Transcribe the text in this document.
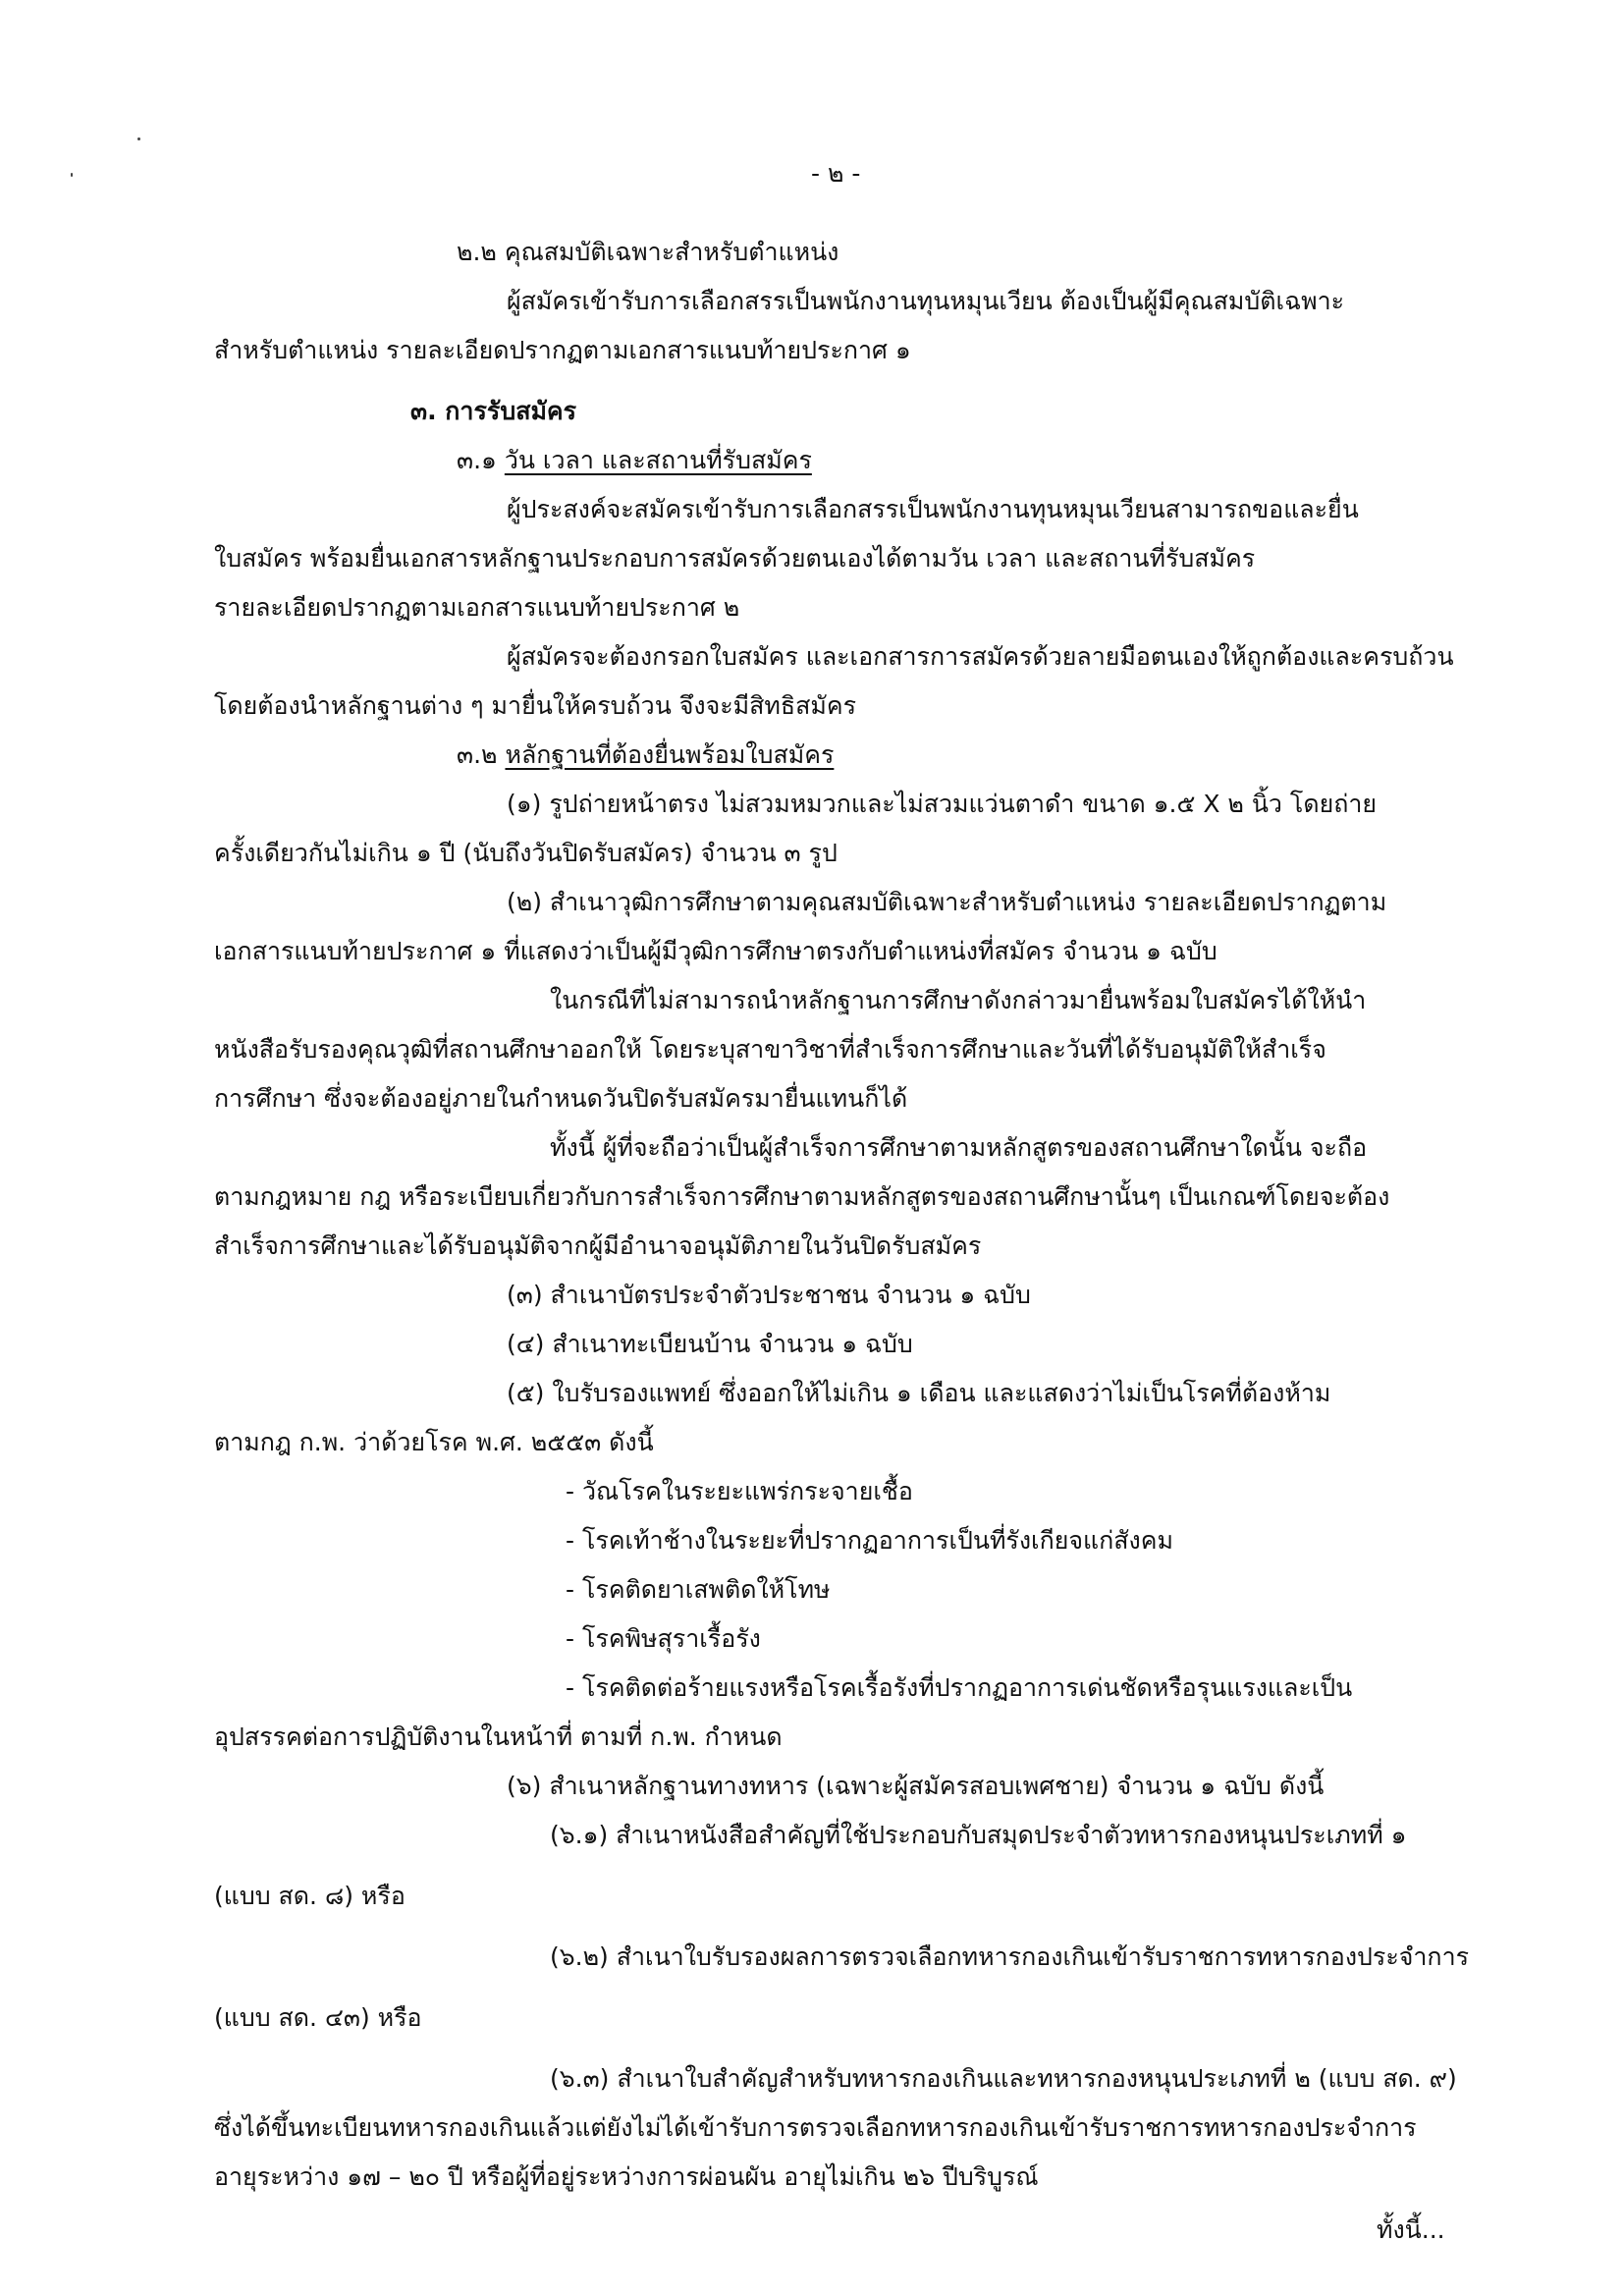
- ๒ -
๒.๒ คุณสมบัติเฉพาะสำหรับตำแหน่ง
ผู้สมัครเข้ารับการเลือกสรรเป็นพนักงานทุนหมุนเวียน ต้องเป็นผู้มีคุณสมบัติเฉพาะ
สำหรับตำแหน่ง รายละเอียดปรากฏตามเอกสารแนบท้ายประกาศ ๑
๓. การรับสมัคร
๓.๑ วัน เวลา และสถานที่รับสมัคร
ผู้ประสงค์จะสมัครเข้ารับการเลือกสรรเป็นพนักงานทุนหมุนเวียนสามารถขอและยื่น
ใบสมัคร พร้อมยื่นเอกสารหลักฐานประกอบการสมัครด้วยตนเองได้ตามวัน เวลา และสถานที่รับสมัคร
รายละเอียดปรากฏตามเอกสารแนบท้ายประกาศ ๒
ผู้สมัครจะต้องกรอกใบสมัคร และเอกสารการสมัครด้วยลายมือตนเองให้ถูกต้องและครบถ้วน
โดยต้องนำหลักฐานต่าง ๆ มายื่นให้ครบถ้วน จึงจะมีสิทธิสมัคร
๓.๒ หลักฐานที่ต้องยื่นพร้อมใบสมัคร
(๑) รูปถ่ายหน้าตรง ไม่สวมหมวกและไม่สวมแว่นตาดำ ขนาด ๑.๕ X ๒ นิ้ว โดยถ่าย
ครั้งเดียวกันไม่เกิน ๑ ปี (นับถึงวันปิดรับสมัคร) จำนวน ๓ รูป
(๒) สำเนาวุฒิการศึกษาตามคุณสมบัติเฉพาะสำหรับตำแหน่ง รายละเอียดปรากฏตาม
เอกสารแนบท้ายประกาศ ๑ ที่แสดงว่าเป็นผู้มีวุฒิการศึกษาตรงกับตำแหน่งที่สมัคร จำนวน ๑ ฉบับ
ในกรณีที่ไม่สามารถนำหลักฐานการศึกษาดังกล่าวมายื่นพร้อมใบสมัครได้ให้นำ
หนังสือรับรองคุณวุฒิที่สถานศึกษาออกให้ โดยระบุสาขาวิชาที่สำเร็จการศึกษาและวันที่ได้รับอนุมัติให้สำเร็จ
การศึกษา ซึ่งจะต้องอยู่ภายในกำหนดวันปิดรับสมัครมายื่นแทนก็ได้
ทั้งนี้ ผู้ที่จะถือว่าเป็นผู้สำเร็จการศึกษาตามหลักสูตรของสถานศึกษาใดนั้น จะถือ
ตามกฎหมาย กฎ หรือระเบียบเกี่ยวกับการสำเร็จการศึกษาตามหลักสูตรของสถานศึกษานั้นๆ เป็นเกณฑ์โดยจะต้อง
สำเร็จการศึกษาและได้รับอนุมัติจากผู้มีอำนาจอนุมัติภายในวันปิดรับสมัคร
(๓) สำเนาบัตรประจำตัวประชาชน จำนวน ๑ ฉบับ
(๔) สำเนาทะเบียนบ้าน จำนวน ๑ ฉบับ
(๕) ใบรับรองแพทย์ ซึ่งออกให้ไม่เกิน ๑ เดือน และแสดงว่าไม่เป็นโรคที่ต้องห้าม
ตามกฎ ก.พ. ว่าด้วยโรค พ.ศ. ๒๕๕๓ ดังนี้
- วัณโรคในระยะแพร่กระจายเชื้อ
- โรคเท้าช้างในระยะที่ปรากฏอาการเป็นที่รังเกียจแก่สังคม
- โรคติดยาเสพติดให้โทษ
- โรคพิษสุราเรื้อรัง
- โรคติดต่อร้ายแรงหรือโรคเรื้อรังที่ปรากฏอาการเด่นชัดหรือรุนแรงและเป็น
อุปสรรคต่อการปฏิบัติงานในหน้าที่ ตามที่ ก.พ. กำหนด
(๖) สำเนาหลักฐานทางทหาร (เฉพาะผู้สมัครสอบเพศชาย) จำนวน ๑ ฉบับ ดังนี้
(๖.๑) สำเนาหนังสือสำคัญที่ใช้ประกอบกับสมุดประจำตัวทหารกองหนุนประเภทที่ ๑
(แบบ สด. ๘) หรือ
(๖.๒) สำเนาใบรับรองผลการตรวจเลือกทหารกองเกินเข้ารับราชการทหารกองประจำการ
(แบบ สด. ๔๓) หรือ
(๖.๓) สำเนาใบสำคัญสำหรับทหารกองเกินและทหารกองหนุนประเภทที่ ๒ (แบบ สด. ๙)
ซึ่งได้ขึ้นทะเบียนทหารกองเกินแล้วแต่ยังไม่ได้เข้ารับการตรวจเลือกทหารกองเกินเข้ารับราชการทหารกองประจำการ
อายุระหว่าง ๑๗ – ๒๐ ปี หรือผู้ที่อยู่ระหว่างการผ่อนผัน อายุไม่เกิน ๒๖ ปีบริบูรณ์
ทั้งนี้...
